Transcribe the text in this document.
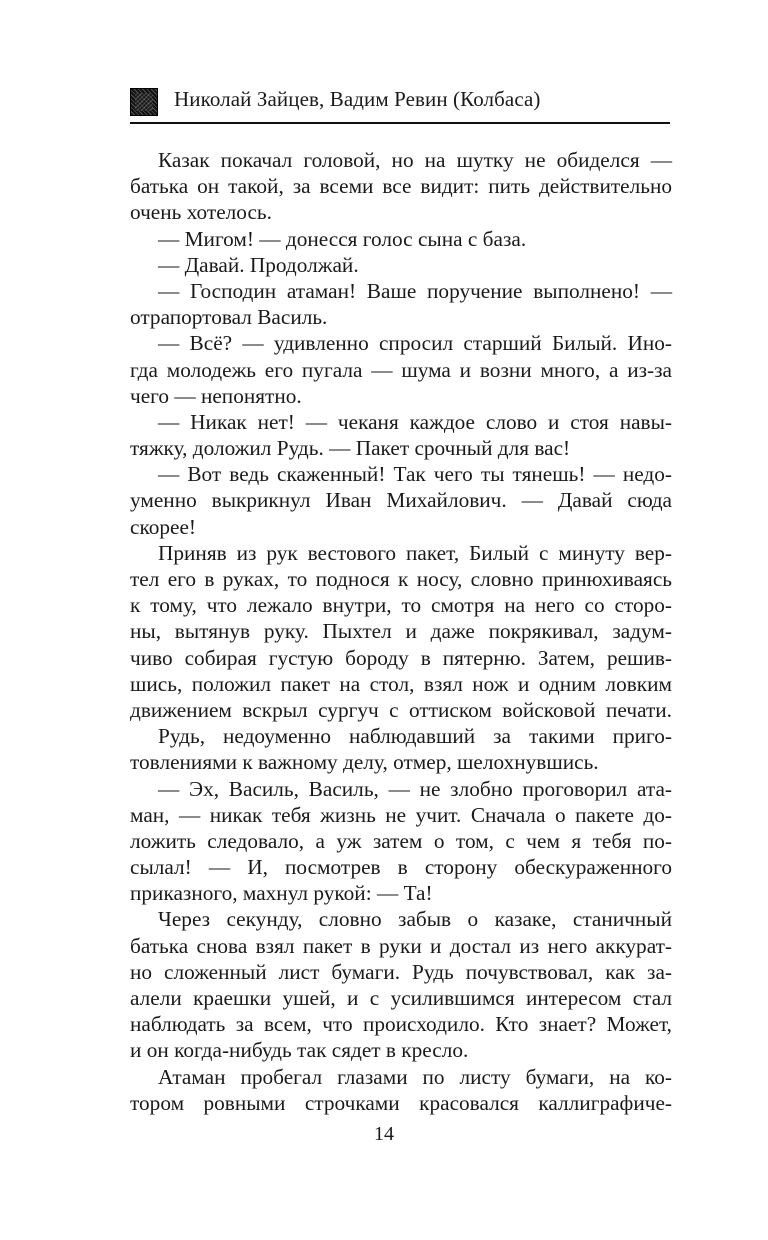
Николай Зайцев, Вадим Ревин (Колбаса)
Казак покачал головой, но на шутку не обиделся —
батька он такой, за всеми все видит: пить действительно
очень хотелось.
— Мигом! — донесся голос сына с база.
— Давай. Продолжай.
— Господин атаман! Ваше поручение выполнено! —
отрапортовал Василь.
— Всё? — удивленно спросил старший Билый. Ино-
гда молодежь его пугала — шума и возни много, а из-за
чего — непонятно.
— Никак нет! — чеканя каждое слово и стоя навы-
тяжку, доложил Рудь. — Пакет срочный для вас!
— Вот ведь скаженный! Так чего ты тянешь! — недо-
уменно выкрикнул Иван Михайлович. — Давай сюда
скорее!
Приняв из рук вестового пакет, Билый с минуту вер-
тел его в руках, то поднося к носу, словно принюхиваясь
к тому, что лежало внутри, то смотря на него со сторо-
ны, вытянув руку. Пыхтел и даже покрякивал, задум-
чиво собирая густую бороду в пятерню. Затем, решив-
шись, положил пакет на стол, взял нож и одним ловким
движением вскрыл сургуч с оттиском войсковой печати.
Рудь, недоуменно наблюдавший за такими приго-
товлениями к важному делу, отмер, шелохнувшись.
— Эх, Василь, Василь, — не злобно проговорил ата-
ман, — никак тебя жизнь не учит. Сначала о пакете до-
ложить следовало, а уж затем о том, с чем я тебя по-
сылал! — И, посмотрев в сторону обескураженного
приказного, махнул рукой: — Та!
Через секунду, словно забыв о казаке, станичный
батька снова взял пакет в руки и достал из него аккурат-
но сложенный лист бумаги. Рудь почувствовал, как за-
алели краешки ушей, и с усилившимся интересом стал
наблюдать за всем, что происходило. Кто знает? Может,
и он когда-нибудь так сядет в кресло.
Атаман пробегал глазами по листу бумаги, на ко-
тором ровными строчками красовался каллиграфиче-
14
